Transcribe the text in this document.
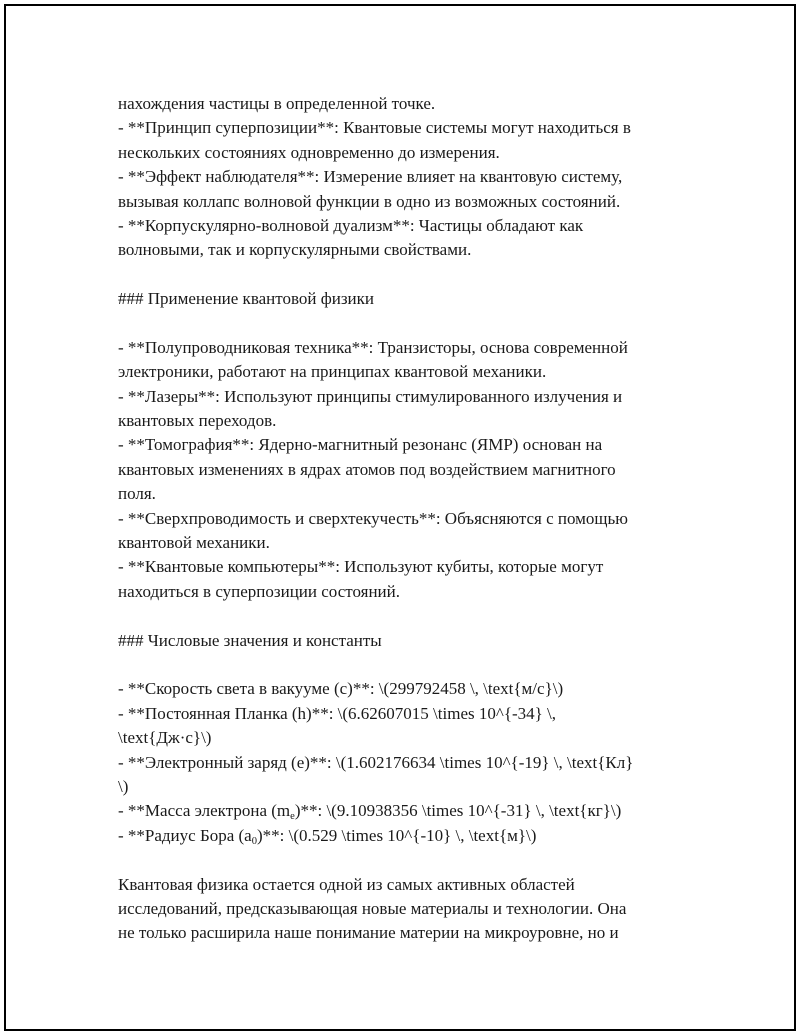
нахождения частицы в определенной точке.
- **Принцип суперпозиции**: Квантовые системы могут находиться в
нескольких состояниях одновременно до измерения.
- **Эффект наблюдателя**: Измерение влияет на квантовую систему,
вызывая коллапс волновой функции в одно из возможных состояний.
- **Корпускулярно-волновой дуализм**: Частицы обладают как
волновыми, так и корпускулярными свойствами.
### Применение квантовой физики
- **Полупроводниковая техника**: Транзисторы, основа современной
электроники, работают на принципах квантовой механики.
- **Лазеры**: Используют принципы стимулированного излучения и
квантовых переходов.
- **Томография**: Ядерно-магнитный резонанс (ЯМР) основан на
квантовых изменениях в ядрах атомов под воздействием магнитного
поля.
- **Сверхпроводимость и сверхтекучесть**: Объясняются с помощью
квантовой механики.
- **Квантовые компьютеры**: Используют кубиты, которые могут
находиться в суперпозиции состояний.
### Числовые значения и константы
- **Скорость света в вакууме (c)**: \(299792458 \, \text{м/с}\)
- **Постоянная Планка (h)**: \(6.62607015 \times 10^{-34} \,
\text{Дж·с}\)
- **Электронный заряд (e)**: \(1.602176634 \times 10^{-19} \, \text{Кл}
\)
- **Масса электрона $(m_e)**$: \(9.10938356 \times 10^{-31} \, \text{кг}\)
- **Радиус Бора $(a_0)**$: \(0.529 \times 10^{-10} \, \text{м}\)
Квантовая физика остается одной из самых активных областей
исследований, предсказывающая новые материалы и технологии. Она
не только расширила наше понимание материи на микроуровне, но и
